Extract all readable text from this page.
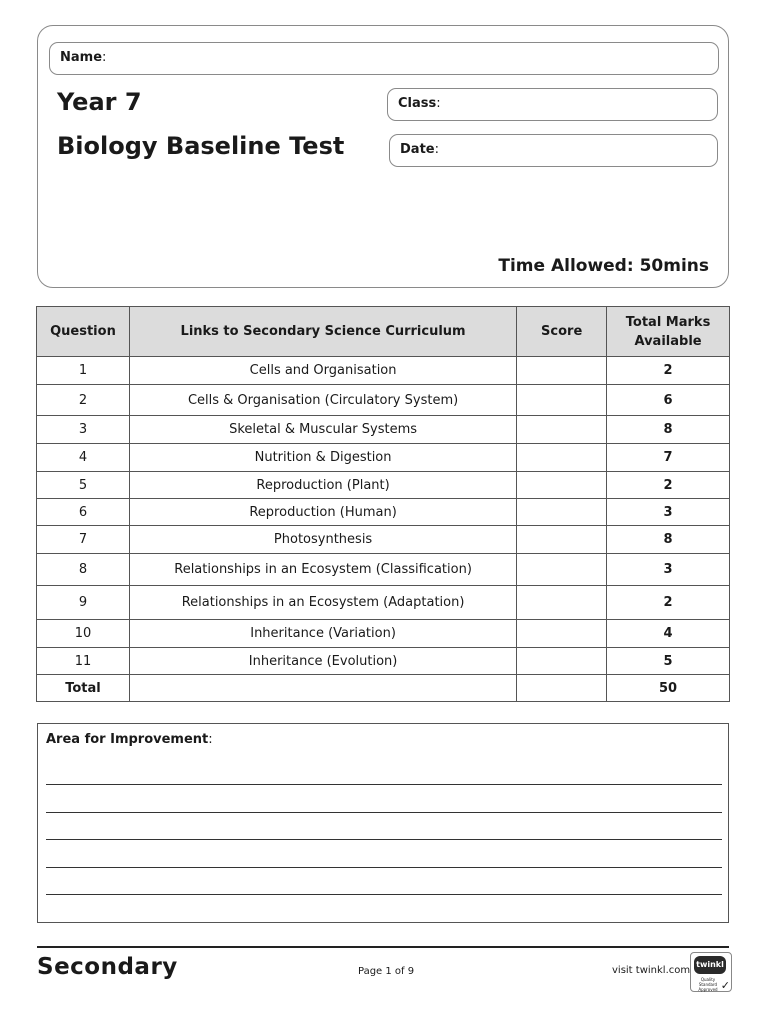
Name:
Year 7
Biology Baseline Test
Class:
Date:
Time Allowed: 50mins
Question	Links to Secondary Science Curriculum	Score	Total Marks
Available
1	Cells and Organisation		2
2	Cells & Organisation (Circulatory System)		6
3	Skeletal & Muscular Systems		8
4	Nutrition & Digestion		7
5	Reproduction (Plant)		2
6	Reproduction (Human)		3
7	Photosynthesis		8
8	Relationships in an Ecosystem (Classification)		3
9	Relationships in an Ecosystem (Adaptation)		2
10	Inheritance (Variation)		4
11	Inheritance (Evolution)		5
Total			50
Area for Improvement:
Secondary	Page 1 of 9	visit twinkl.com
twinkl
Quality Standard Approved ✓
